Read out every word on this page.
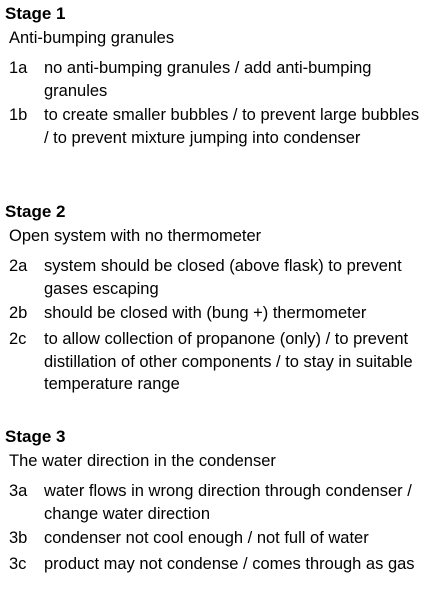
Stage 1
Anti-bumping granules
1a	no anti-bumping granules / add anti-bumping granules
1b	to create smaller bubbles / to prevent large bubbles / to prevent mixture jumping into condenser
Stage 2
Open system with no thermometer
2a	system should be closed (above flask) to prevent gases escaping
2b	should be closed with (bung +) thermometer
2c	to allow collection of propanone (only) / to prevent distillation of other components / to stay in suitable temperature range
Stage 3
The water direction in the condenser
3a	water flows in wrong direction through condenser / change water direction
3b	condenser not cool enough / not full of water
3c	product may not condense / comes through as gas
